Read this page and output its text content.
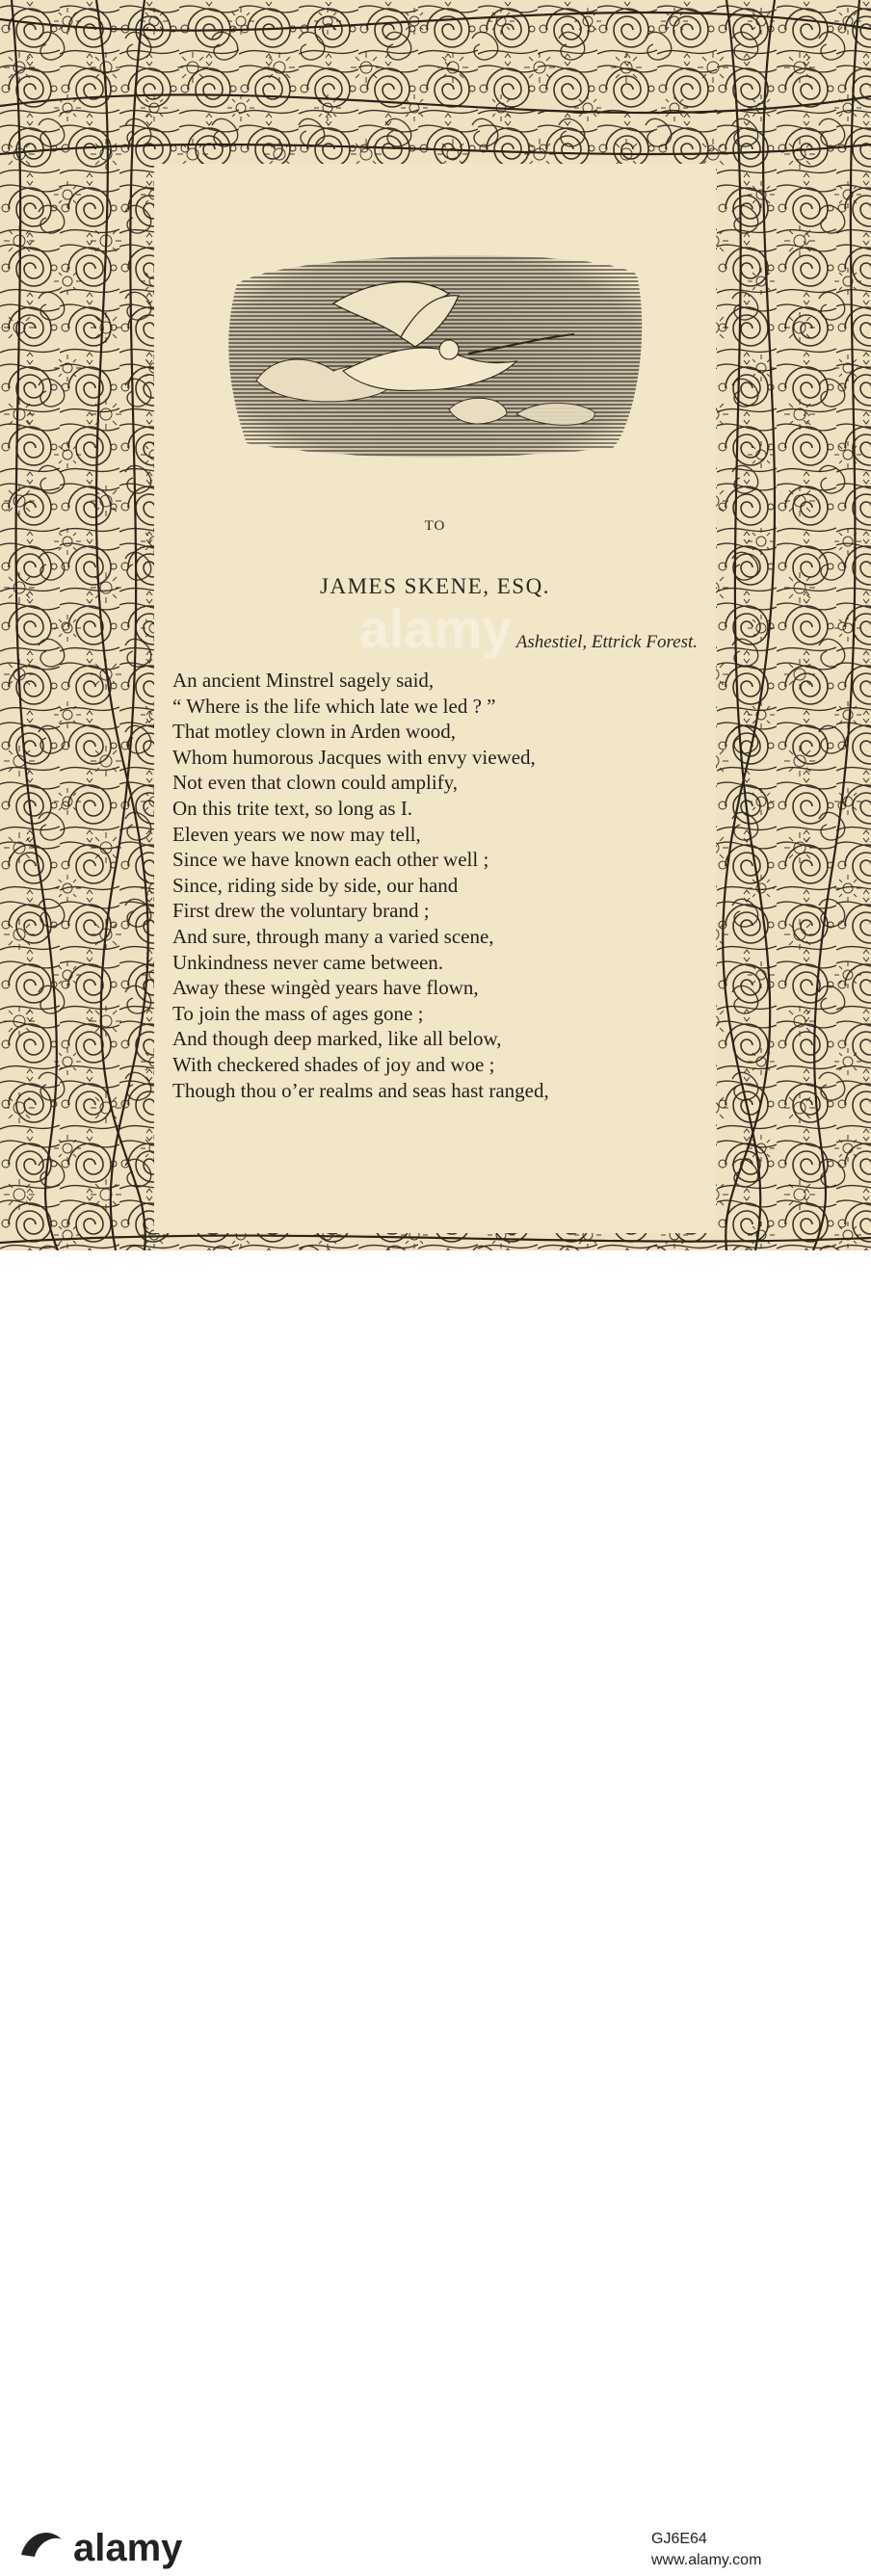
TO
JAMES SKENE, ESQ.
Ashestiel, Ettrick Forest.
An ancient Minstrel sagely said,
“ Where is the life which late we led ? ”
That motley clown in Arden wood,
Whom humorous Jacques with envy viewed,
Not even that clown could amplify,
On this trite text, so long as I.
Eleven years we now may tell,
Since we have known each other well ;
Since, riding side by side, our hand
First drew the voluntary brand ;
And sure, through many a varied scene,
Unkindness never came between.
Away these wingèd years have flown,
To join the mass of ages gone ;
And though deep marked, like all below,
With checkered shades of joy and woe ;
Though thou o’er realms and seas hast ranged,
alamy
alamy	GJ6E64
www.alamy.com
